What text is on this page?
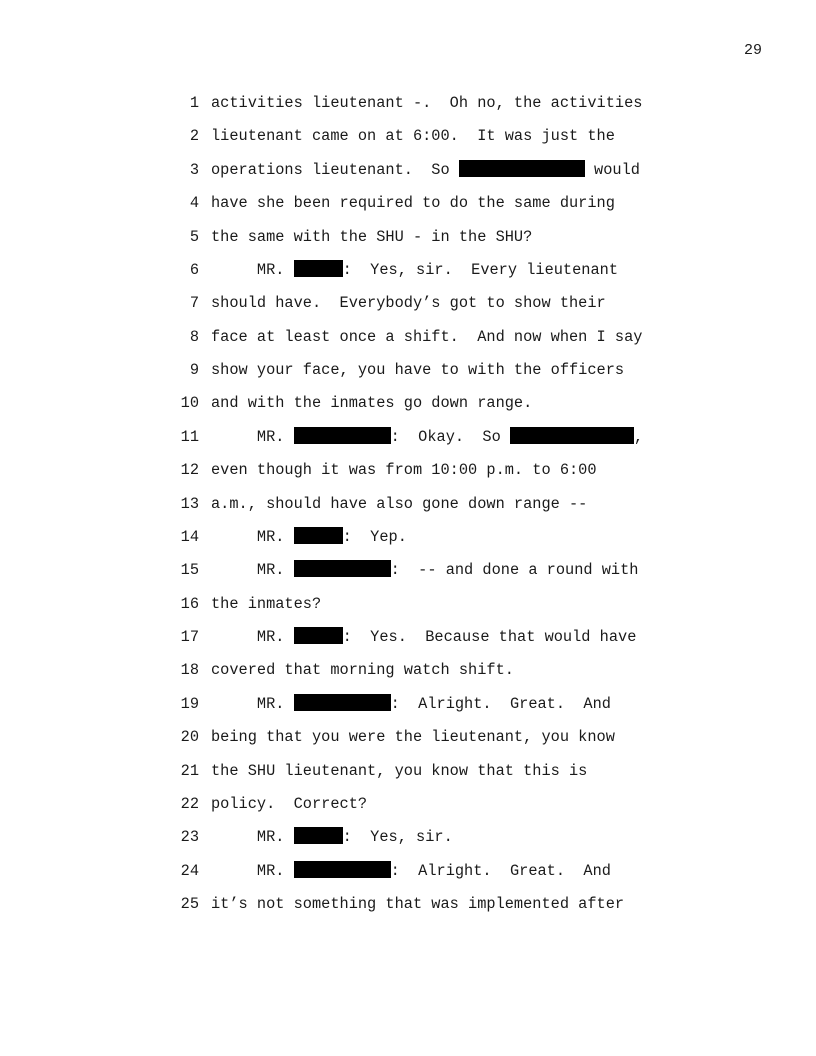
29
1 activities lieutenant -.  Oh no, the activities
2 lieutenant came on at 6:00.  It was just the
3 operations lieutenant.  So	would
4 have she been required to do the same during
5 the same with the SHU - in the SHU?
6 MR.	:  Yes, sir.  Every lieutenant
7 should have.  Everybody’s got to show their
8 face at least once a shift.  And now when I say
9 show your face, you have to with the officers
10 and with the inmates go down range.
11 MR.	:  Okay.  So	,
12 even though it was from 10:00 p.m. to 6:00
13 a.m., should have also gone down range --
14 MR.	:  Yep.
15 MR.	:  -- and done a round with
16 the inmates?
17 MR.	:  Yes.  Because that would have
18 covered that morning watch shift.
19 MR.	:  Alright.  Great.  And
20 being that you were the lieutenant, you know
21 the SHU lieutenant, you know that this is
22 policy.  Correct?
23 MR.	:  Yes, sir.
24 MR.	:  Alright.  Great.  And
25 it’s not something that was implemented after
